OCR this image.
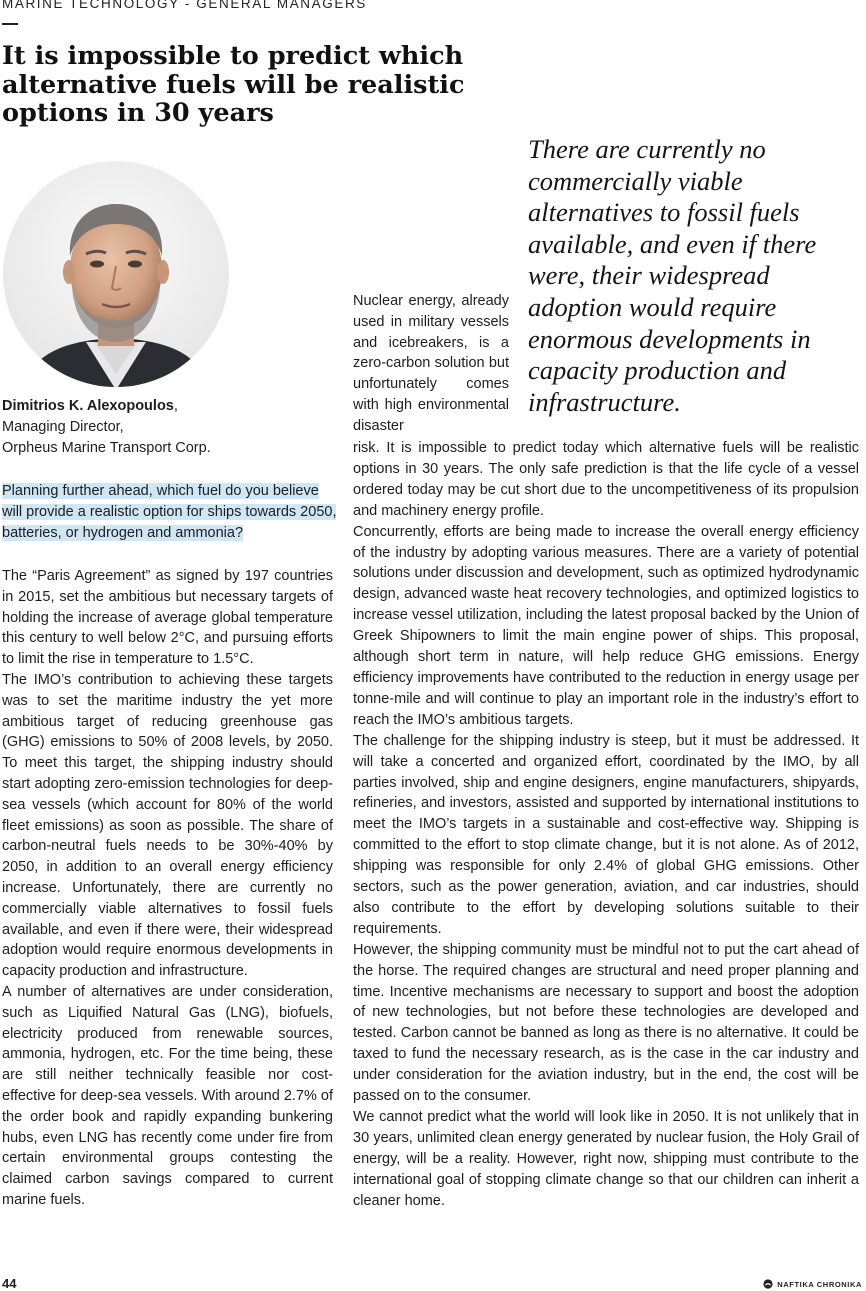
MARINE TECHNOLOGY - GENERAL MANAGERS
It is impossible to predict which alternative fuels will be realistic options in 30 years

There are currently no commercially viable alternatives to fossil fuels available, and even if there were, their widespread adoption would require enormous developments in capacity production and infrastructure.

Dimitrios K. Alexopoulos,
Managing Director,
Orpheus Marine Transport Corp.
Planning further ahead, which fuel do you believe will provide a realistic option for ships towards 2050, batteries, or hydrogen and ammonia?

The “Paris Agreement” as signed by 197 countries in 2015, set the ambitious but necessary targets of holding the increase of average global temperature this century to well below 2°C, and pursuing efforts to limit the rise in temperature to 1.5°C.

The IMO’s contribution to achieving these targets was to set the maritime industry the yet more ambitious target of reducing greenhouse gas (GHG) emissions to 50% of 2008 levels, by 2050. To meet this target, the shipping industry should start adopting zero-emission technologies for deep-sea vessels (which account for 80% of the world fleet emissions) as soon as possible. The share of carbon-neutral fuels needs to be 30%-40% by 2050, in addition to an overall energy efficiency increase. Unfortunately, there are currently no commercially viable alternatives to fossil fuels available, and even if there were, their widespread adoption would require enormous developments in capacity production and infrastructure.

A number of alternatives are under consideration, such as Liquified Natural Gas (LNG), biofuels, electricity produced from renewable sources, ammonia, hydrogen, etc. For the time being, these are still neither technically feasible nor cost-effective for deep-sea vessels. With around 2.7% of the order book and rapidly expanding bunkering hubs, even LNG has recently come under fire from certain environmental groups contesting the claimed carbon savings compared to current marine fuels.

Nuclear energy, already used in military vessels and icebreakers, is a zero-carbon solution but unfortunately comes with high environmental disaster

risk. It is impossible to predict today which alternative fuels will be realistic options in 30 years. The only safe prediction is that the life cycle of a vessel ordered today may be cut short due to the uncompetitiveness of its propulsion and machinery energy profile.

Concurrently, efforts are being made to increase the overall energy efficiency of the industry by adopting various measures. There are a variety of potential solutions under discussion and development, such as optimized hydrodynamic design, advanced waste heat recovery technologies, and optimized logistics to increase vessel utilization, including the latest proposal backed by the Union of Greek Shipowners to limit the main engine power of ships. This proposal, although short term in nature, will help reduce GHG emissions. Energy efficiency improvements have contributed to the reduction in energy usage per tonne-mile and will continue to play an important role in the industry’s effort to reach the IMO’s ambitious targets.

The challenge for the shipping industry is steep, but it must be addressed. It will take a concerted and organized effort, coordinated by the IMO, by all parties involved, ship and engine designers, engine manufacturers, shipyards, refineries, and investors, assisted and supported by international institutions to meet the IMO’s targets in a sustainable and cost-effective way. Shipping is committed to the effort to stop climate change, but it is not alone. As of 2012, shipping was responsible for only 2.4% of global GHG emissions. Other sectors, such as the power generation, aviation, and car industries, should also contribute to the effort by developing solutions suitable to their requirements.

However, the shipping community must be mindful not to put the cart ahead of the horse. The required changes are structural and need proper planning and time. Incentive mechanisms are necessary to support and boost the adoption of new technologies, but not before these technologies are developed and tested. Carbon cannot be banned as long as there is no alternative. It could be taxed to fund the necessary research, as is the case in the car industry and under consideration for the aviation industry, but in the end, the cost will be passed on to the consumer.

We cannot predict what the world will look like in 2050. It is not unlikely that in 30 years, unlimited clean energy generated by nuclear fusion, the Holy Grail of energy, will be a reality. However, right now, shipping must contribute to the international goal of stopping climate change so that our children can inherit a cleaner home.

44	NAFTIKA CHRONIKA
